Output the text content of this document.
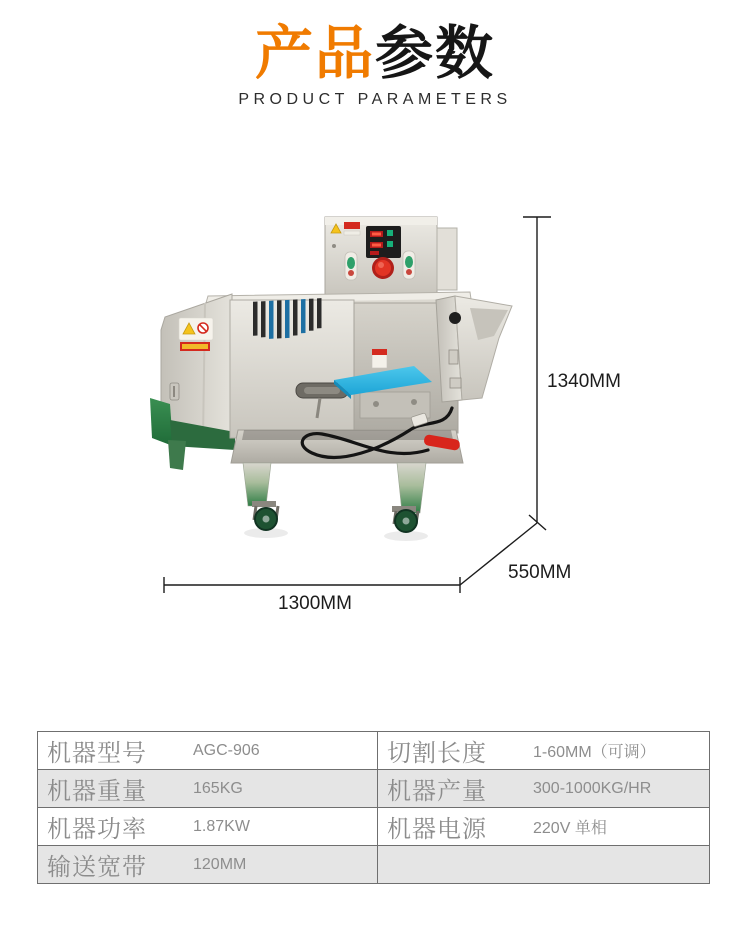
产品参数
PRODUCT PARAMETERS
1340MM
550MM
1300MM
机器型号	AGC-906	切割长度	1-60MM（可调）
机器重量	165KG	机器产量	300-1000KG/HR
机器功率	1.87KW	机器电源	220V 单相
输送宽带	120MM
